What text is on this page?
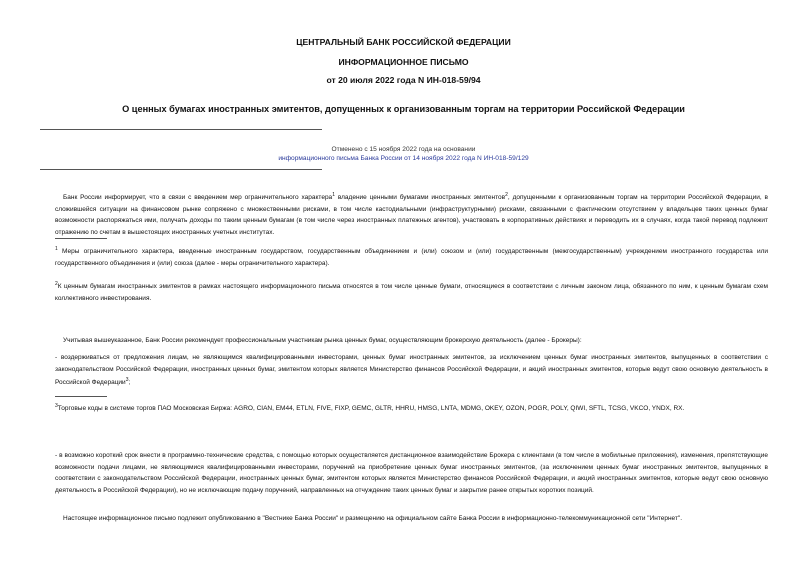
ЦЕНТРАЛЬНЫЙ БАНК РОССИЙСКОЙ ФЕДЕРАЦИИ
ИНФОРМАЦИОННОЕ ПИСЬМО
от 20 июля 2022 года N ИН-018-59/94
О ценных бумагах иностранных эмитентов, допущенных к организованным торгам на территории Российской Федерации
Отменено с 15 ноября 2022 года на основании
информационного письма Банка России от 14 ноября 2022 года N ИН-018-59/129
Банк России информирует, что в связи с введением мер ограничительного характера$^1$ владение ценными бумагами иностранных эмитентов$^2$, допущенными к организованным торгам на территории Российской Федерации, в сложившейся ситуации на финансовом рынке сопряжено с множественными рисками, в том числе кастодиальными (инфраструктурными) рисками, связанными с фактическим отсутствием у владельцев таких ценных бумаг возможности распоряжаться ими, получать доходы по таким ценным бумагам (в том числе через иностранных платежных агентов), участвовать в корпоративных действиях и переводить их в случаях, когда такой перевод подлежит отражению по счетам в вышестоящих иностранных учетных институтах.
$^1$ Меры ограничительного характера, введенные иностранным государством, государственным объединением и (или) союзом и (или) государственным (межгосударственным) учреждением иностранного государства или государственного объединения и (или) союза (далее - меры ограничительного характера).
$^2$К ценным бумагам иностранных эмитентов в рамках настоящего информационного письма относятся в том числе ценные бумаги, относящиеся в соответствии с личным законом лица, обязанного по ним, к ценным бумагам схем коллективного инвестирования.
Учитывая вышеуказанное, Банк России рекомендует профессиональным участникам рынка ценных бумаг, осуществляющим брокерскую деятельность (далее - Брокеры):
- воздерживаться от предложения лицам, не являющимся квалифицированными инвесторами, ценных бумаг иностранных эмитентов, за исключением ценных бумаг иностранных эмитентов, выпущенных в соответствии с законодательством Российской Федерации, иностранных ценных бумаг, эмитентом которых является Министерство финансов Российской Федерации, и акций иностранных эмитентов, которые ведут свою основную деятельность в Российской Федерации$^3$;
$^3$Торговые коды в системе торгов ПАО Московская Биржа: AGRO, CIAN, EM44, ETLN, FIVE, FIXP, GEMC, GLTR, HHRU, HMSG, LNTA, MDMG, OKEY, OZON, POGR, POLY, QIWI, SFTL, TCSG, VKCO, YNDX, RX.
- в возможно короткий срок внести в программно-технические средства, с помощью которых осуществляется дистанционное взаимодействие Брокера с клиентами (в том числе в мобильные приложения), изменения, препятствующие возможности подачи лицами, не являющимися квалифицированными инвесторами, поручений на приобретение ценных бумаг иностранных эмитентов, (за исключением ценных бумаг иностранных эмитентов, выпущенных в соответствии с законодательством Российской Федерации, иностранных ценных бумаг, эмитентом которых является Министерство финансов Российской Федерации, и акций иностранных эмитентов, которые ведут свою основную деятельность в Российской Федерации), но не исключающие подачу поручений, направленных на отчуждение таких ценных бумаг и закрытие ранее открытых коротких позиций.
Настоящее информационное письмо подлежит опубликованию в "Вестнике Банка России" и размещению на официальном сайте Банка России в информационно-телекоммуникационной сети "Интернет".
